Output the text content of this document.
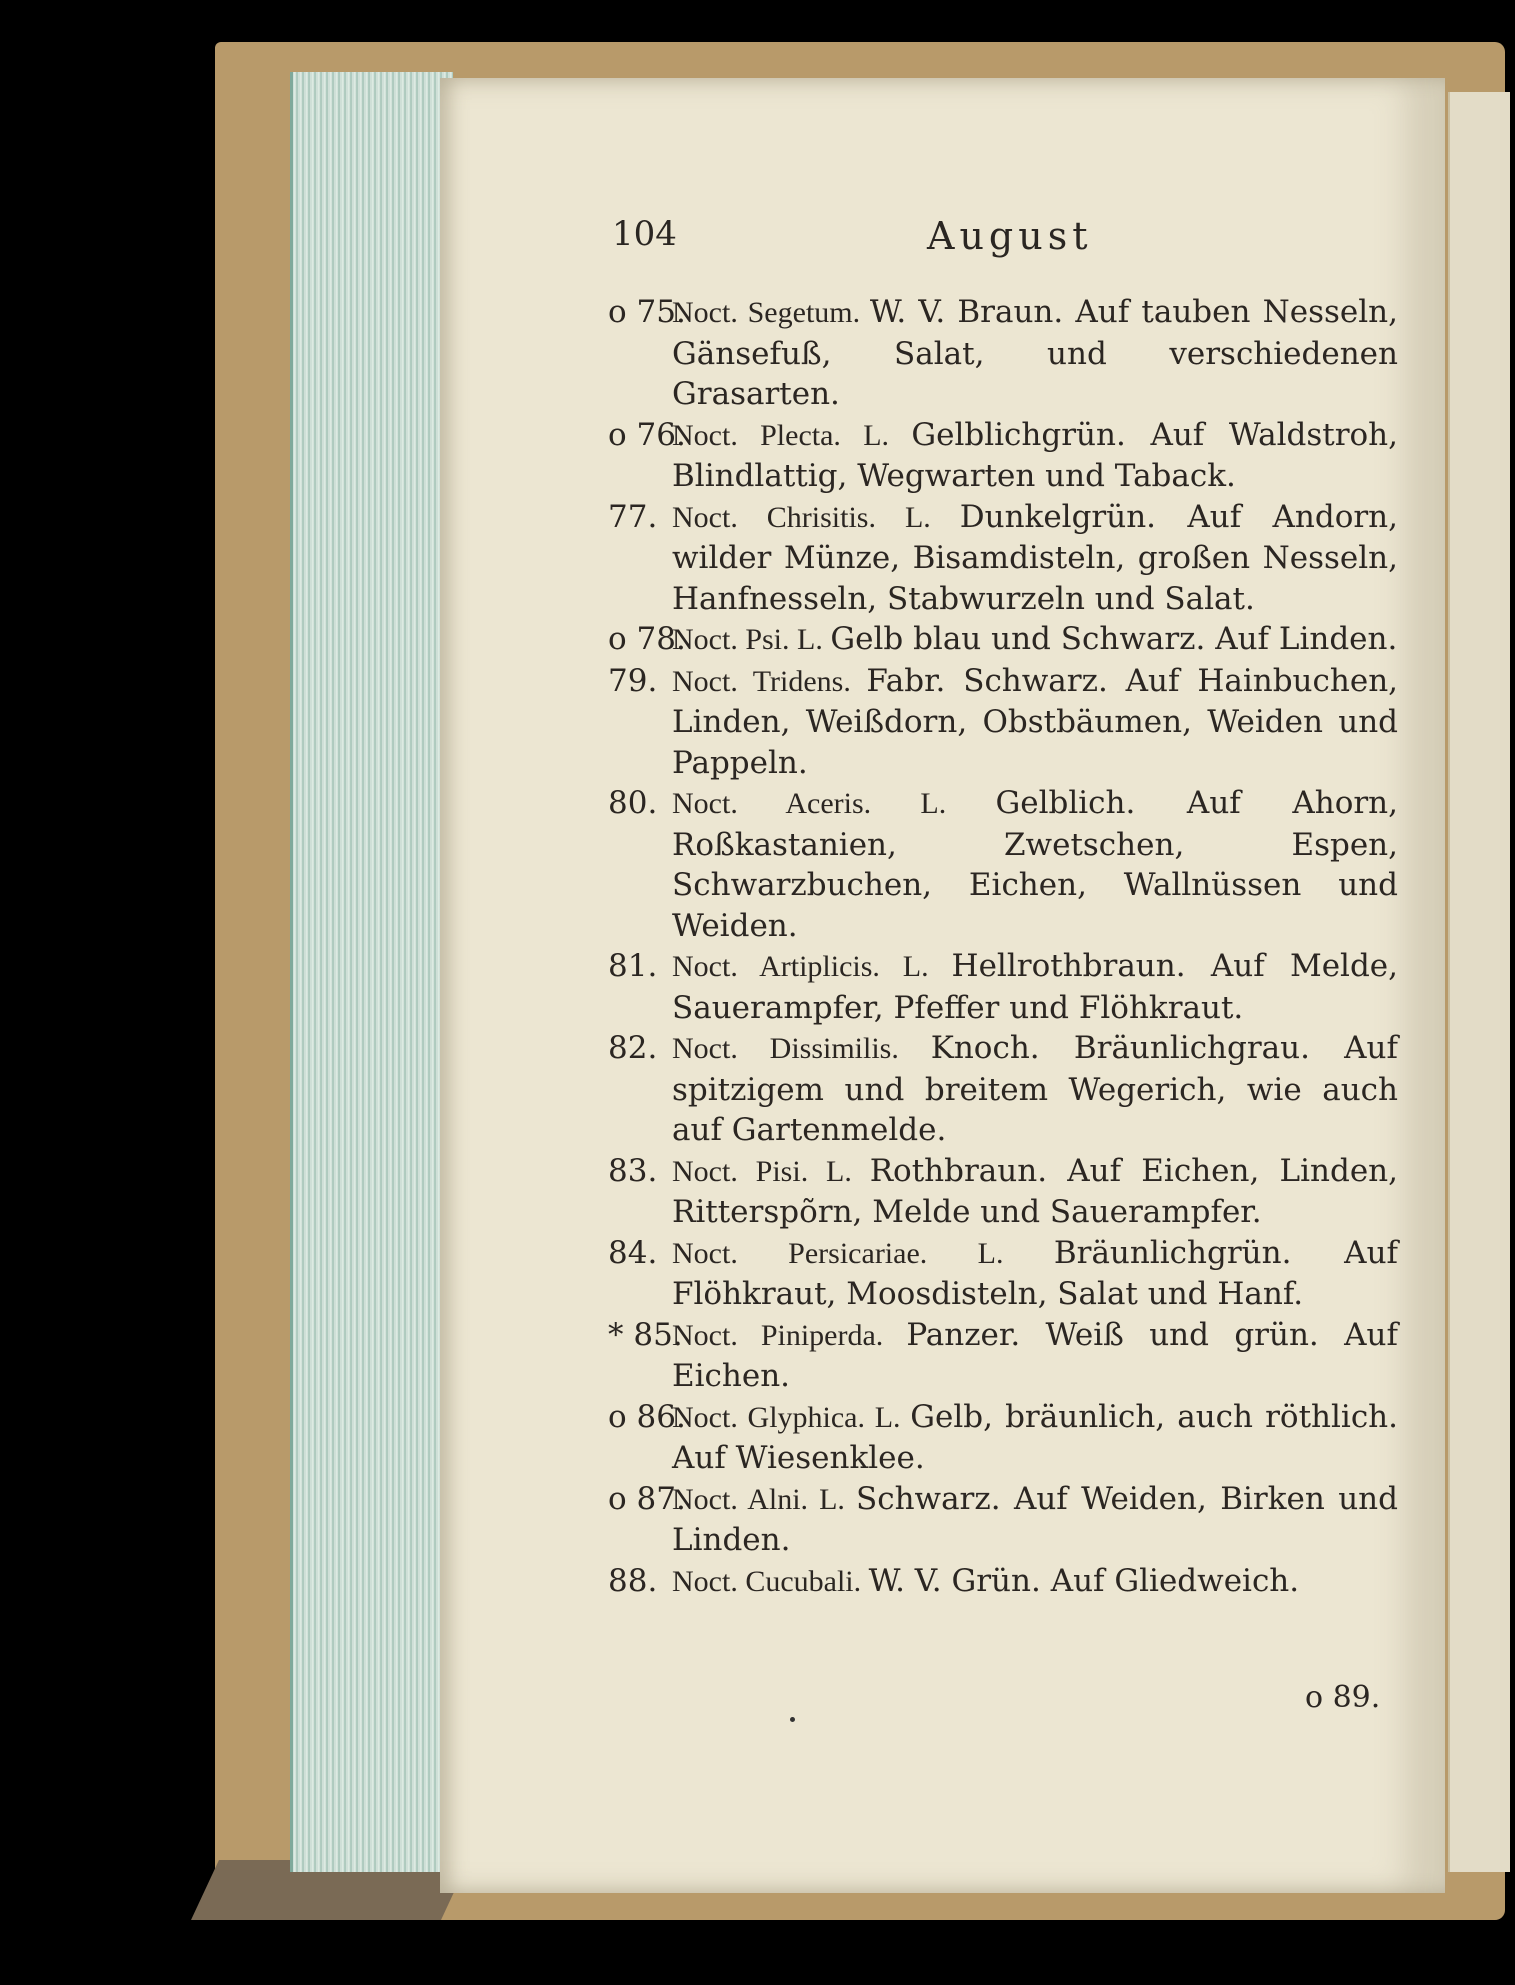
104	August
o 75.
Noct. Segetum. W. V. Braun. Auf tauben Nesseln, Gänsefuß, Salat, und verschiedenen Grasarten.
o 76.
Noct. Plecta. L. Gelblichgrün. Auf Waldstroh, Blindlattig, Wegwarten und Taback.
77. Noct. Chrisitis. L. Dunkelgrün. Auf Andorn, wilder Münze, Bisamdisteln, großen Nesseln, Hanfnesseln, Stabwurzeln und Salat.
o 78.
Noct. Psi. L. Gelb blau und Schwarz. Auf Linden.
79. Noct. Tridens. Fabr. Schwarz. Auf Hainbuchen, Linden, Weißdorn, Obstbäumen, Weiden und Pappeln.
80. Noct. Aceris. L. Gelblich. Auf Ahorn, Roßkastanien, Zwetschen, Espen, Schwarzbuchen, Eichen, Wallnüssen und Weiden.
81. Noct. Artiplicis. L. Hellrothbraun. Auf Melde, Sauerampfer, Pfeffer und Flöhkraut.
82. Noct. Dissimilis. Knoch. Bräunlichgrau. Auf spitzigem und breitem Wegerich, wie auch auf Gartenmelde.
83. Noct. Pisi. L. Rothbraun. Auf Eichen, Linden, Ritterspõrn, Melde und Sauerampfer.
84. Noct. Persicariae. L. Bräunlichgrün. Auf Flöhkraut, Moosdisteln, Salat und Hanf.
* 85.
Noct. Piniperda. Panzer. Weiß und grün. Auf Eichen.
o 86.
Noct. Glyphica. L. Gelb, bräunlich, auch röthlich. Auf Wiesenklee.
o 87.
Noct. Alni. L. Schwarz. Auf Weiden, Birken und Linden.
88. Noct. Cucubali. W. V. Grün. Auf Gliedweich.
o 89.
